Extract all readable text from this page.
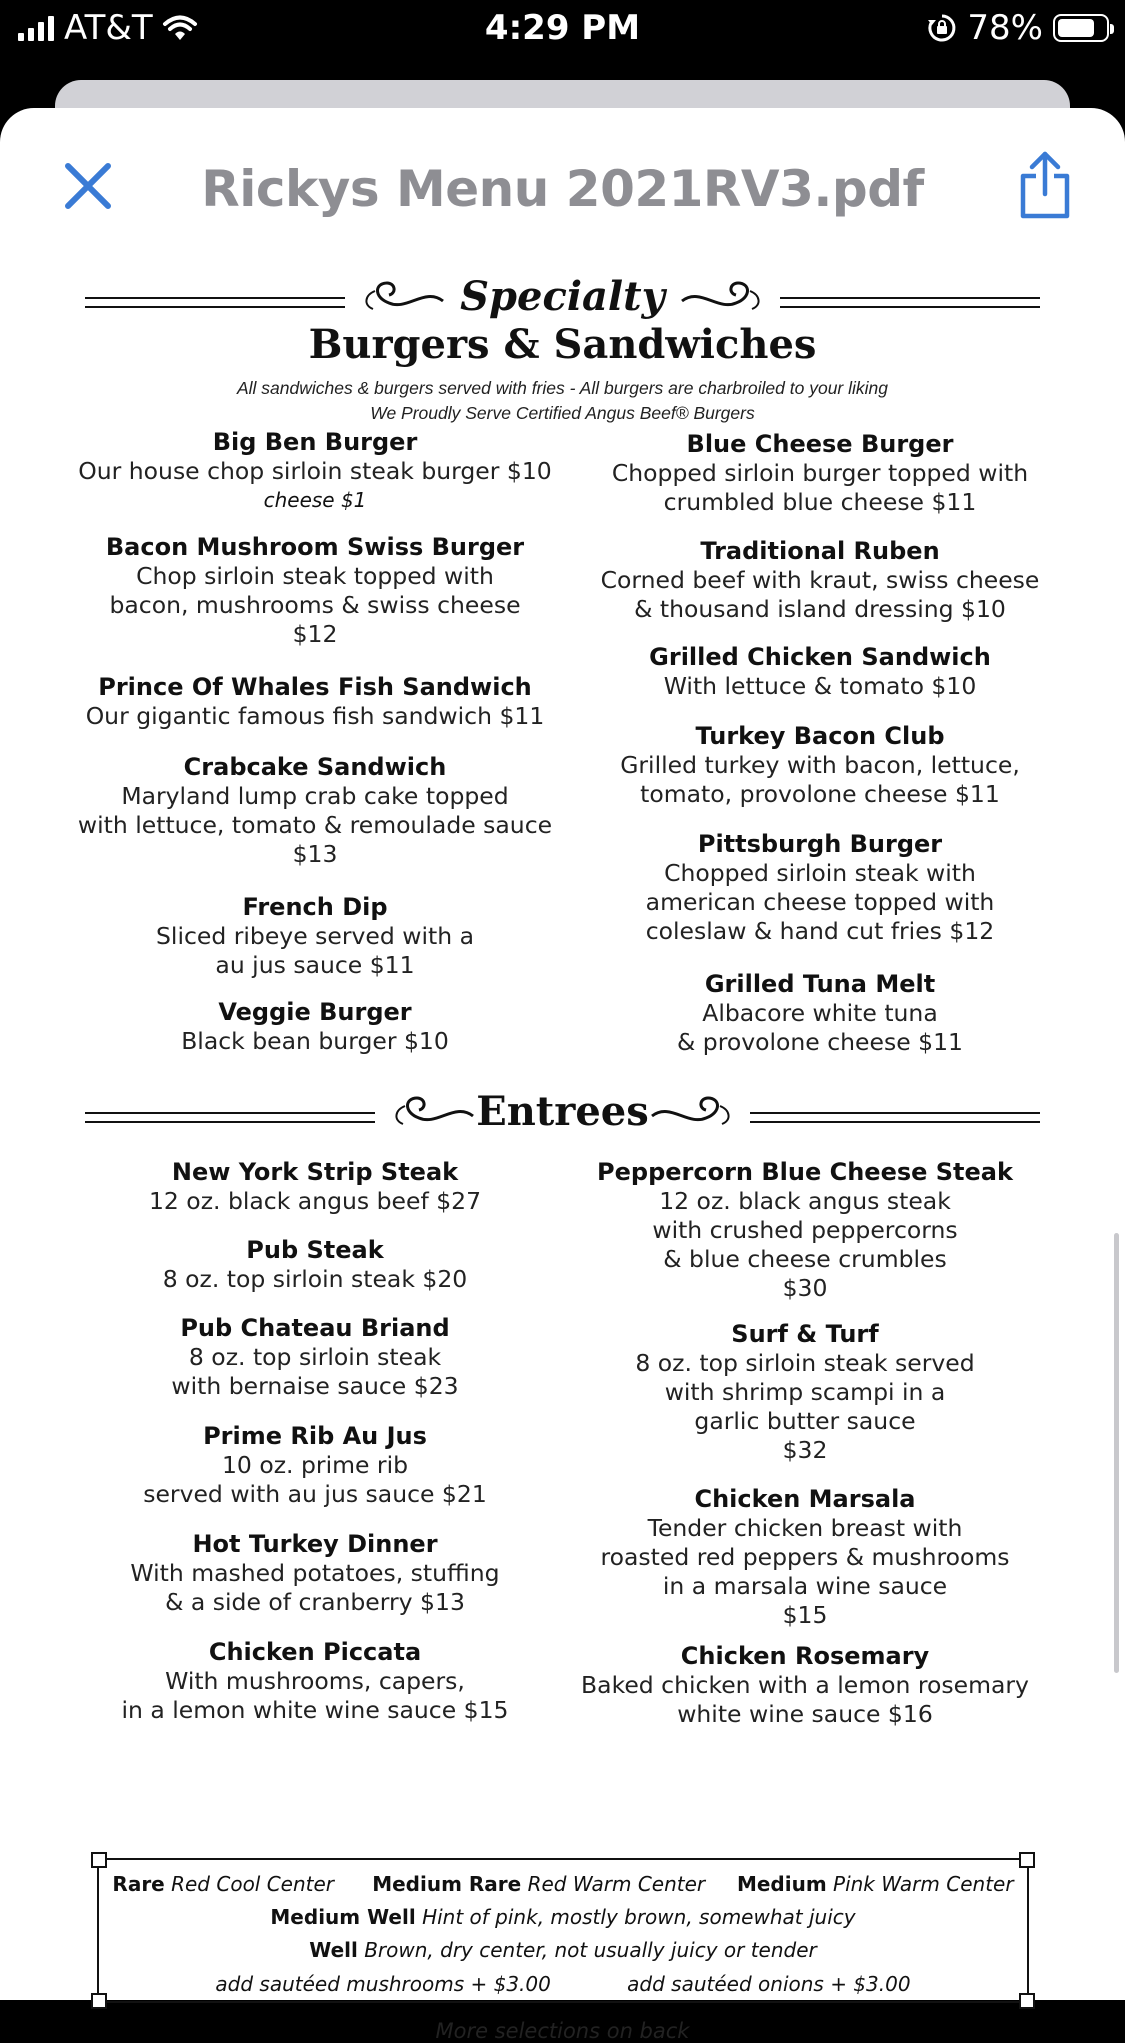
AT&T	4:29 PM	78%
Rickys Menu 2021RV3.pdf
Specialty
Burgers & Sandwiches
All sandwiches & burgers served with fries - All burgers are charbroiled to your liking
We Proudly Serve Certified Angus Beef® Burgers
Big Ben Burger
Our house chop sirloin steak burger $10
cheese $1
Bacon Mushroom Swiss Burger
Chop sirloin steak topped with
bacon, mushrooms & swiss cheese
$12
Prince Of Whales Fish Sandwich
Our gigantic famous fish sandwich $11
Crabcake Sandwich
Maryland lump crab cake topped
with lettuce, tomato & remoulade sauce
$13
French Dip
Sliced ribeye served with a
au jus sauce $11
Veggie Burger
Black bean burger $10
Blue Cheese Burger
Chopped sirloin burger topped with
crumbled blue cheese $11
Traditional Ruben
Corned beef with kraut, swiss cheese
& thousand island dressing $10
Grilled Chicken Sandwich
With lettuce & tomato $10
Turkey Bacon Club
Grilled turkey with bacon, lettuce,
tomato, provolone cheese $11
Pittsburgh Burger
Chopped sirloin steak with
american cheese topped with
coleslaw & hand cut fries $12
Grilled Tuna Melt
Albacore white tuna
& provolone cheese $11
Entrees
New York Strip Steak
12 oz. black angus beef $27
Pub Steak
8 oz. top sirloin steak $20
Pub Chateau Briand
8 oz. top sirloin steak
with bernaise sauce $23
Prime Rib Au Jus
10 oz. prime rib
served with au jus sauce $21
Hot Turkey Dinner
With mashed potatoes, stuffing
& a side of cranberry $13
Chicken Piccata
With mushrooms, capers,
in a lemon white wine sauce $15
Peppercorn Blue Cheese Steak
12 oz. black angus steak
with crushed peppercorns
& blue cheese crumbles
$30
Surf & Turf
8 oz. top sirloin steak served
with shrimp scampi in a
garlic butter sauce
$32
Chicken Marsala
Tender chicken breast with
roasted red peppers & mushrooms
in a marsala wine sauce
$15
Chicken Rosemary
Baked chicken with a lemon rosemary
white wine sauce $16
Rare Red Cool Center Medium Rare Red Warm Center Medium Pink Warm Center
Medium Well Hint of pink, mostly brown, somewhat juicy
Well Brown, dry center, not usually juicy or tender
add sautéed mushrooms + $3.00	add sautéed onions + $3.00
More selections on back
